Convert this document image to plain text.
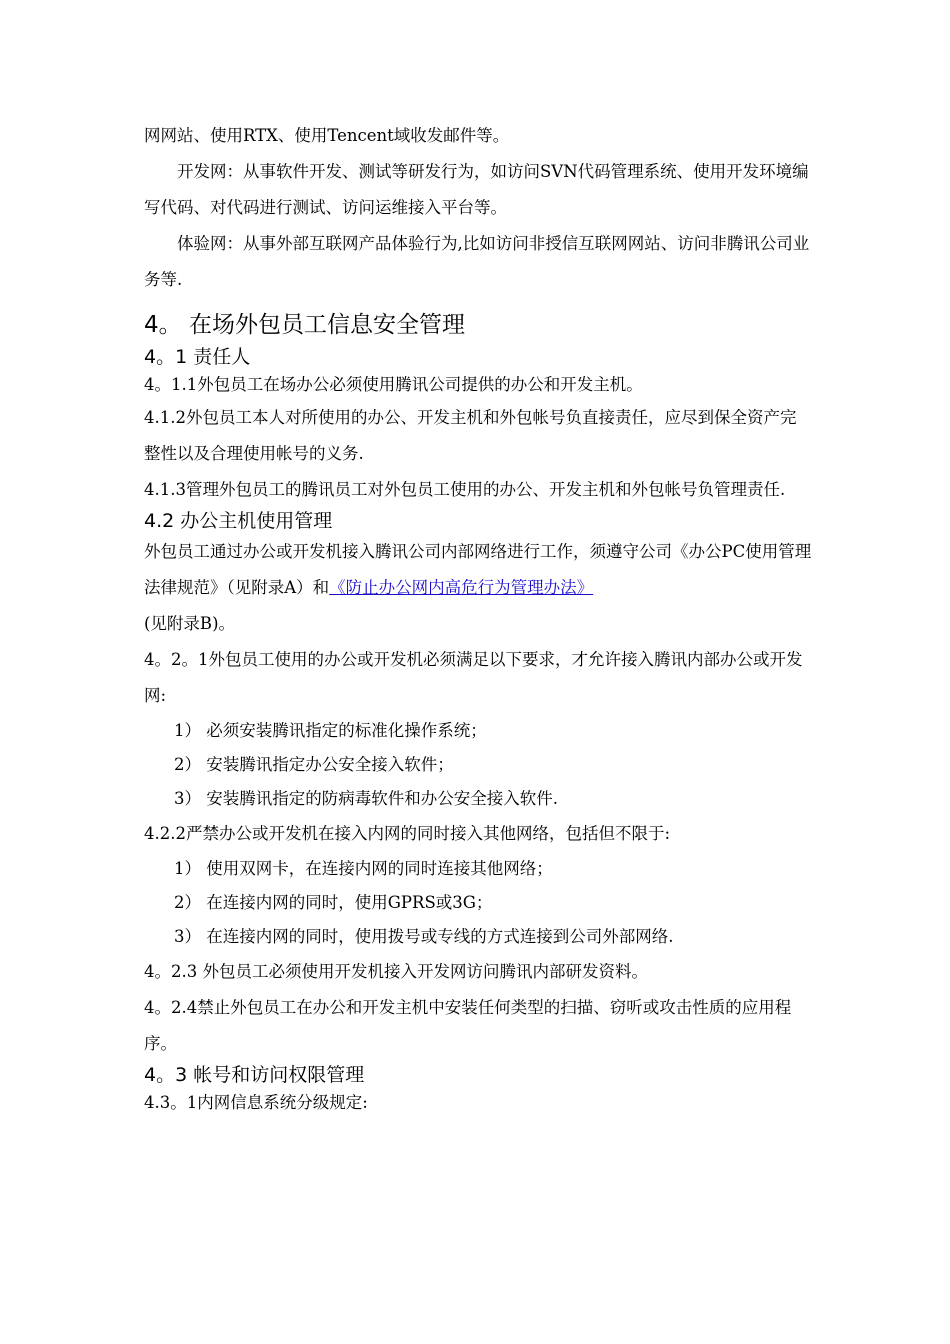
网网站、使用RTX、使用Tencent域收发邮件等。

开发网：从事软件开发、测试等研发行为，如访问SVN代码管理系统、使用开发环境编写代码、对代码进行测试、访问运维接入平台等。

体验网：从事外部互联网产品体验行为,比如访问非授信互联网网站、访问非腾讯公司业务等.

4。 在场外包员工信息安全管理
4。1 责任人

4。1.1外包员工在场办公必须使用腾讯公司提供的办公和开发主机。

4.1.2外包员工本人对所使用的办公、开发主机和外包帐号负直接责任，应尽到保全资产完整性以及合理使用帐号的义务.

4.1.3管理外包员工的腾讯员工对外包员工使用的办公、开发主机和外包帐号负管理责任.

4.2 办公主机使用管理

外包员工通过办公或开发机接入腾讯公司内部网络进行工作，须遵守公司《办公PC使用管理法律规范》（见附录A）和《防止办公网内高危行为管理办法》
(见附录B)。

4。2。1外包员工使用的办公或开发机必须满足以下要求，才允许接入腾讯内部办公或开发网:

1） 必须安装腾讯指定的标准化操作系统；

2） 安装腾讯指定办公安全接入软件；

3） 安装腾讯指定的防病毒软件和办公安全接入软件.

4.2.2严禁办公或开发机在接入内网的同时接入其他网络，包括但不限于:

1） 使用双网卡，在连接内网的同时连接其他网络；

2） 在连接内网的同时，使用GPRS或3G；

3） 在连接内网的同时，使用拨号或专线的方式连接到公司外部网络.

4。2.3 外包员工必须使用开发机接入开发网访问腾讯内部研发资料。

4。2.4禁止外包员工在办公和开发主机中安装任何类型的扫描、窃听或攻击性质的应用程序。

4。3 帐号和访问权限管理

4.3。1内网信息系统分级规定:
